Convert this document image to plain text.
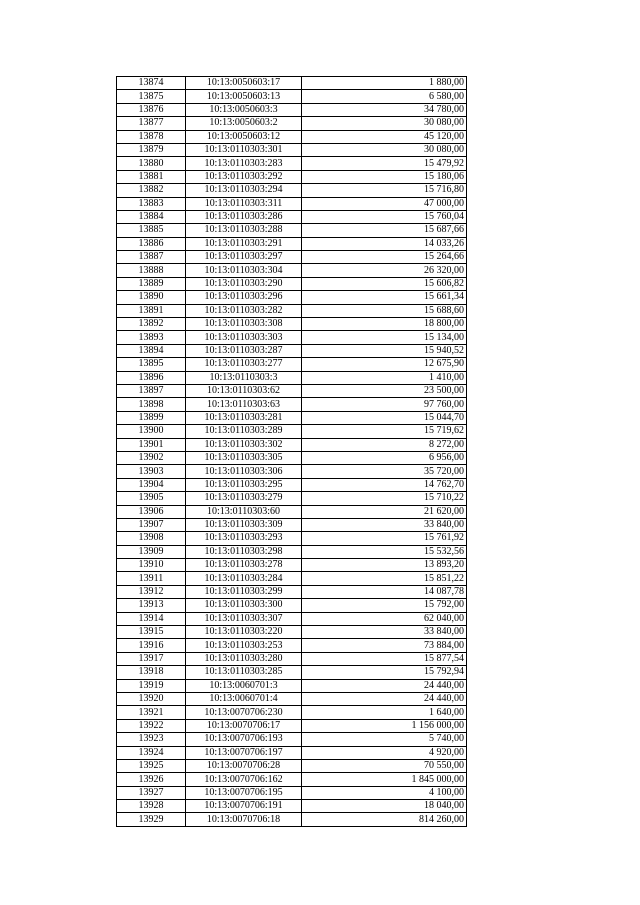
13874	10:13:0050603:17	1 880,00
13875	10:13:0050603:13	6 580,00
13876	10:13:0050603:3	34 780,00
13877	10:13:0050603:2	30 080,00
13878	10:13:0050603:12	45 120,00
13879	10:13:0110303:301	30 080,00
13880	10:13:0110303:283	15 479,92
13881	10:13:0110303:292	15 180,06
13882	10:13:0110303:294	15 716,80
13883	10:13:0110303:311	47 000,00
13884	10:13:0110303:286	15 760,04
13885	10:13:0110303:288	15 687,66
13886	10:13:0110303:291	14 033,26
13887	10:13:0110303:297	15 264,66
13888	10:13:0110303:304	26 320,00
13889	10:13:0110303:290	15 606,82
13890	10:13:0110303:296	15 661,34
13891	10:13:0110303:282	15 688,60
13892	10:13:0110303:308	18 800,00
13893	10:13:0110303:303	15 134,00
13894	10:13:0110303:287	15 940,52
13895	10:13:0110303:277	12 675,90
13896	10:13:0110303:3	1 410,00
13897	10:13:0110303:62	23 500,00
13898	10:13:0110303:63	97 760,00
13899	10:13:0110303:281	15 044,70
13900	10:13:0110303:289	15 719,62
13901	10:13:0110303:302	8 272,00
13902	10:13:0110303:305	6 956,00
13903	10:13:0110303:306	35 720,00
13904	10:13:0110303:295	14 762,70
13905	10:13:0110303:279	15 710,22
13906	10:13:0110303:60	21 620,00
13907	10:13:0110303:309	33 840,00
13908	10:13:0110303:293	15 761,92
13909	10:13:0110303:298	15 532,56
13910	10:13:0110303:278	13 893,20
13911	10:13:0110303:284	15 851,22
13912	10:13:0110303:299	14 087,78
13913	10:13:0110303:300	15 792,00
13914	10:13:0110303:307	62 040,00
13915	10:13:0110303:220	33 840,00
13916	10:13:0110303:253	73 884,00
13917	10:13:0110303:280	15 877,54
13918	10:13:0110303:285	15 792,94
13919	10:13:0060701:3	24 440,00
13920	10:13:0060701:4	24 440,00
13921	10:13:0070706:230	1 640,00
13922	10:13:0070706:17	1 156 000,00
13923	10:13:0070706:193	5 740,00
13924	10:13:0070706:197	4 920,00
13925	10:13:0070706:28	70 550,00
13926	10:13:0070706:162	1 845 000,00
13927	10:13:0070706:195	4 100,00
13928	10:13:0070706:191	18 040,00
13929	10:13:0070706:18	814 260,00
